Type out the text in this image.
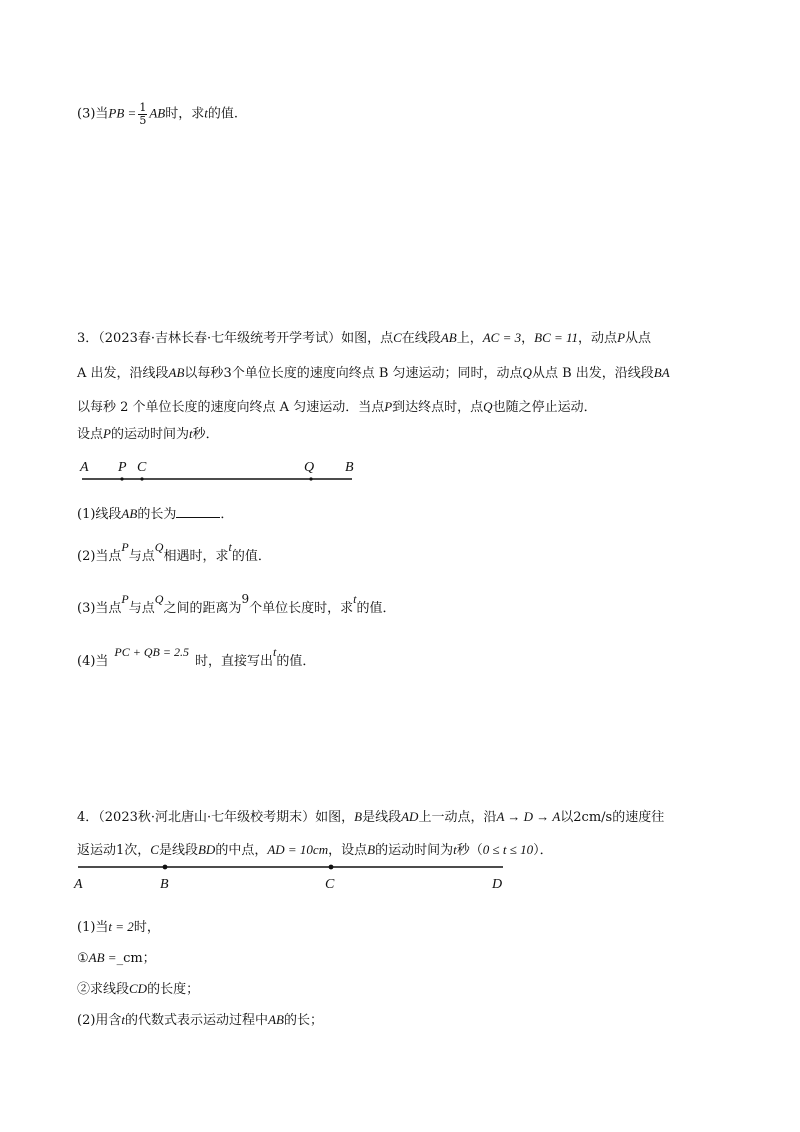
(3)当PB = $\frac{1}{5}$ AB时，求t的值.
3．（2023春·吉林长春·七年级统考开学考试）如图，点C在线段AB上，AC = 3，BC = 11，动点P从点
A 出发，沿线段AB以每秒3个单位长度的速度向终点 B 匀速运动；同时，动点Q从点 B 出发，沿线段BA
以每秒 2 个单位长度的速度向终点 A 匀速运动．当点P到达终点时，点Q也随之停止运动．
设点P的运动时间为t秒．
A P C	Q B
(1)线段AB的长为	．
(2)当点P与点Q相遇时，求t的值．
(3)当点P与点Q之间的距离为9个单位长度时，求t的值．
(4)当PC + QB = 2.5时，直接写出t的值．
4．（2023秋·河北唐山·七年级校考期末）如图，B是线段AD上一动点，沿A → D → A以2cm/s的速度往
返运动1次，C是线段BD的中点，AD = 10cm，设点B的运动时间为t秒（0 ≤ t ≤ 10）．
A	B	C	D
(1)当t = 2时，
①AB =_cm；
②求线段CD的长度；
(2)用含t的代数式表示运动过程中AB的长；
